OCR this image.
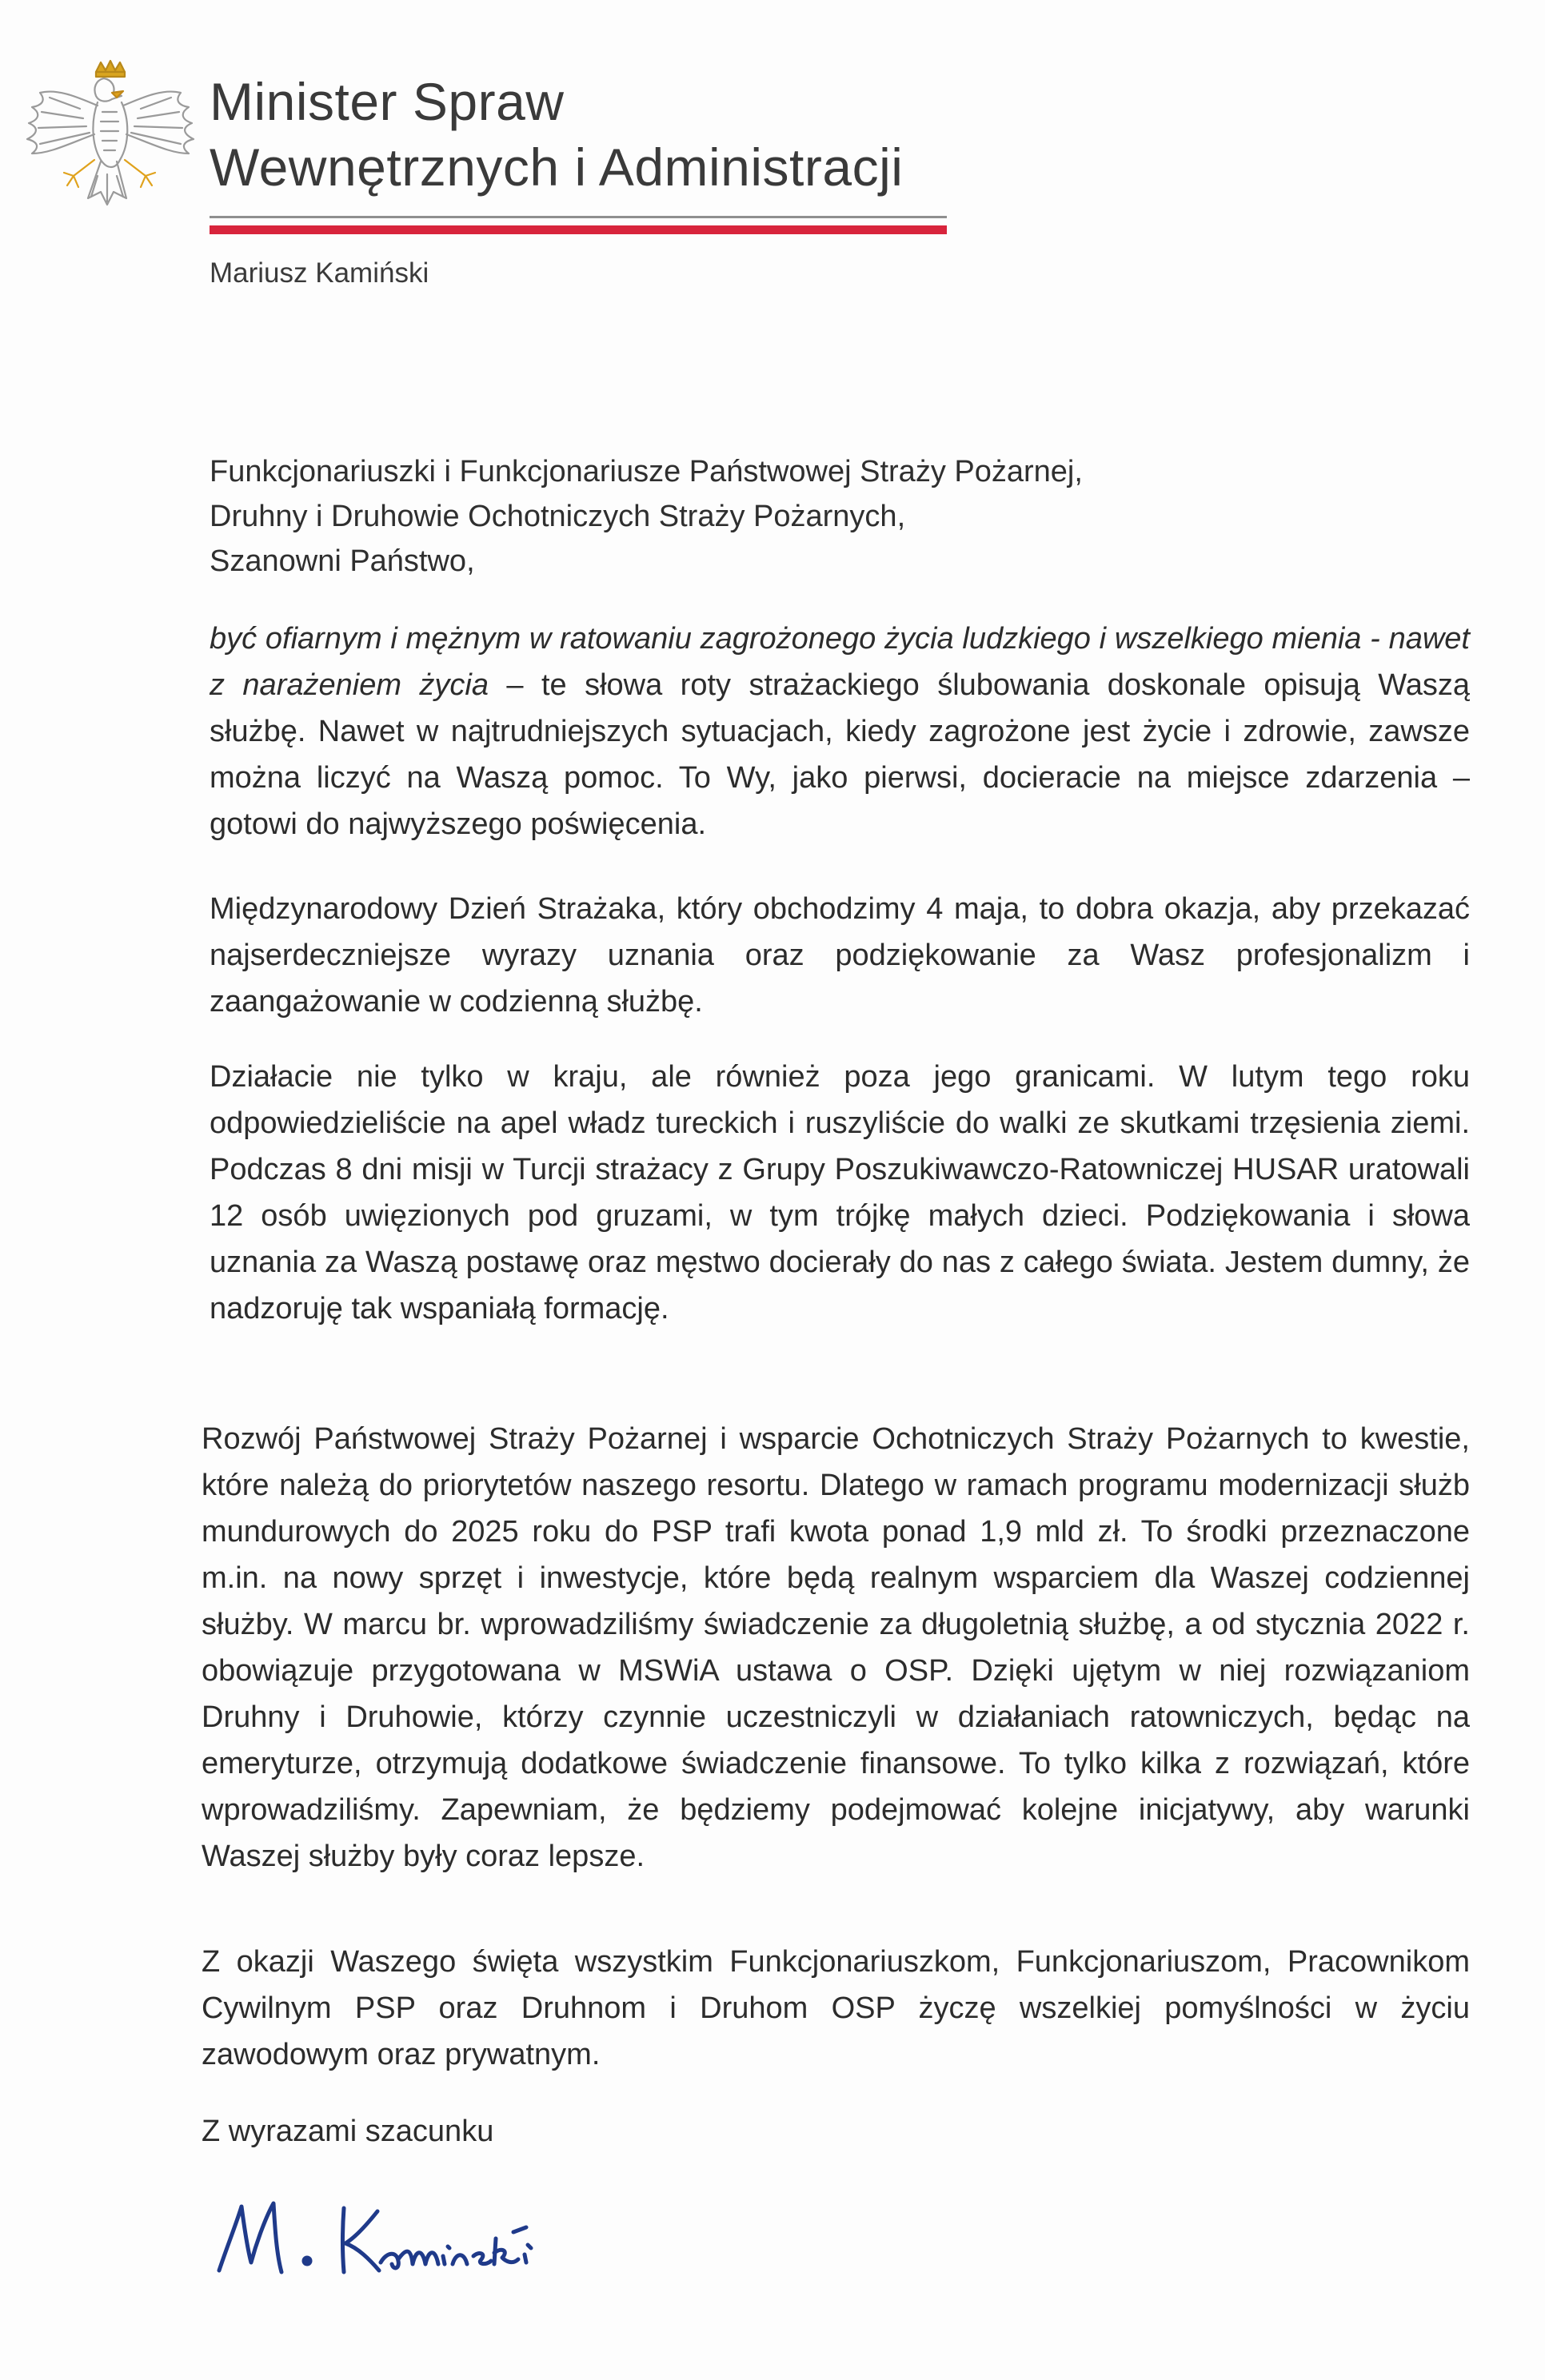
Minister Spraw
Wewnętrznych i Administracji
Mariusz Kamiński
Funkcjonariuszki i Funkcjonariusze Państwowej Straży Pożarnej,
Druhny i Druhowie Ochotniczych Straży Pożarnych,
Szanowni Państwo,
być ofiarnym i mężnym w ratowaniu zagrożonego życia ludzkiego i wszelkiego mienia - nawet z narażeniem życia – te słowa roty strażackiego ślubowania doskonale opisują Waszą służbę. Nawet w najtrudniejszych sytuacjach, kiedy zagrożone jest życie i zdrowie, zawsze można liczyć na Waszą pomoc. To Wy, jako pierwsi, docieracie na miejsce zdarzenia – gotowi do najwyższego poświęcenia.
Międzynarodowy Dzień Strażaka, który obchodzimy 4 maja, to dobra okazja, aby przekazać najserdeczniejsze wyrazy uznania oraz podziękowanie za Wasz profesjonalizm i zaangażowanie w codzienną służbę.
Działacie nie tylko w kraju, ale również poza jego granicami. W lutym tego roku odpowiedzieliście na apel władz tureckich i ruszyliście do walki ze skutkami trzęsienia ziemi. Podczas 8 dni misji w Turcji strażacy z Grupy Poszukiwawczo-Ratowniczej HUSAR uratowali 12 osób uwięzionych pod gruzami, w tym trójkę małych dzieci. Podziękowania i słowa uznania za Waszą postawę oraz męstwo docierały do nas z całego świata. Jestem dumny, że nadzoruję tak wspaniałą formację.
Rozwój Państwowej Straży Pożarnej i wsparcie Ochotniczych Straży Pożarnych to kwestie, które należą do priorytetów naszego resortu. Dlatego w ramach programu modernizacji służb mundurowych do 2025 roku do PSP trafi kwota ponad 1,9 mld zł. To środki przeznaczone m.in. na nowy sprzęt i inwestycje, które będą realnym wsparciem dla Waszej codziennej służby. W marcu br. wprowadziliśmy świadczenie za długoletnią służbę, a od stycznia 2022 r. obowiązuje przygotowana w MSWiA ustawa o OSP. Dzięki ujętym w niej rozwiązaniom Druhny i Druhowie, którzy czynnie uczestniczyli w działaniach ratowniczych, będąc na emeryturze, otrzymują dodatkowe świadczenie finansowe. To tylko kilka z rozwiązań, które wprowadziliśmy. Zapewniam, że będziemy podejmować kolejne inicjatywy, aby warunki Waszej służby były coraz lepsze.
Z okazji Waszego święta wszystkim Funkcjonariuszkom, Funkcjonariuszom, Pracownikom Cywilnym PSP oraz Druhnom i Druhom OSP życzę wszelkiej pomyślności w życiu zawodowym oraz prywatnym.
Z wyrazami szacunku
